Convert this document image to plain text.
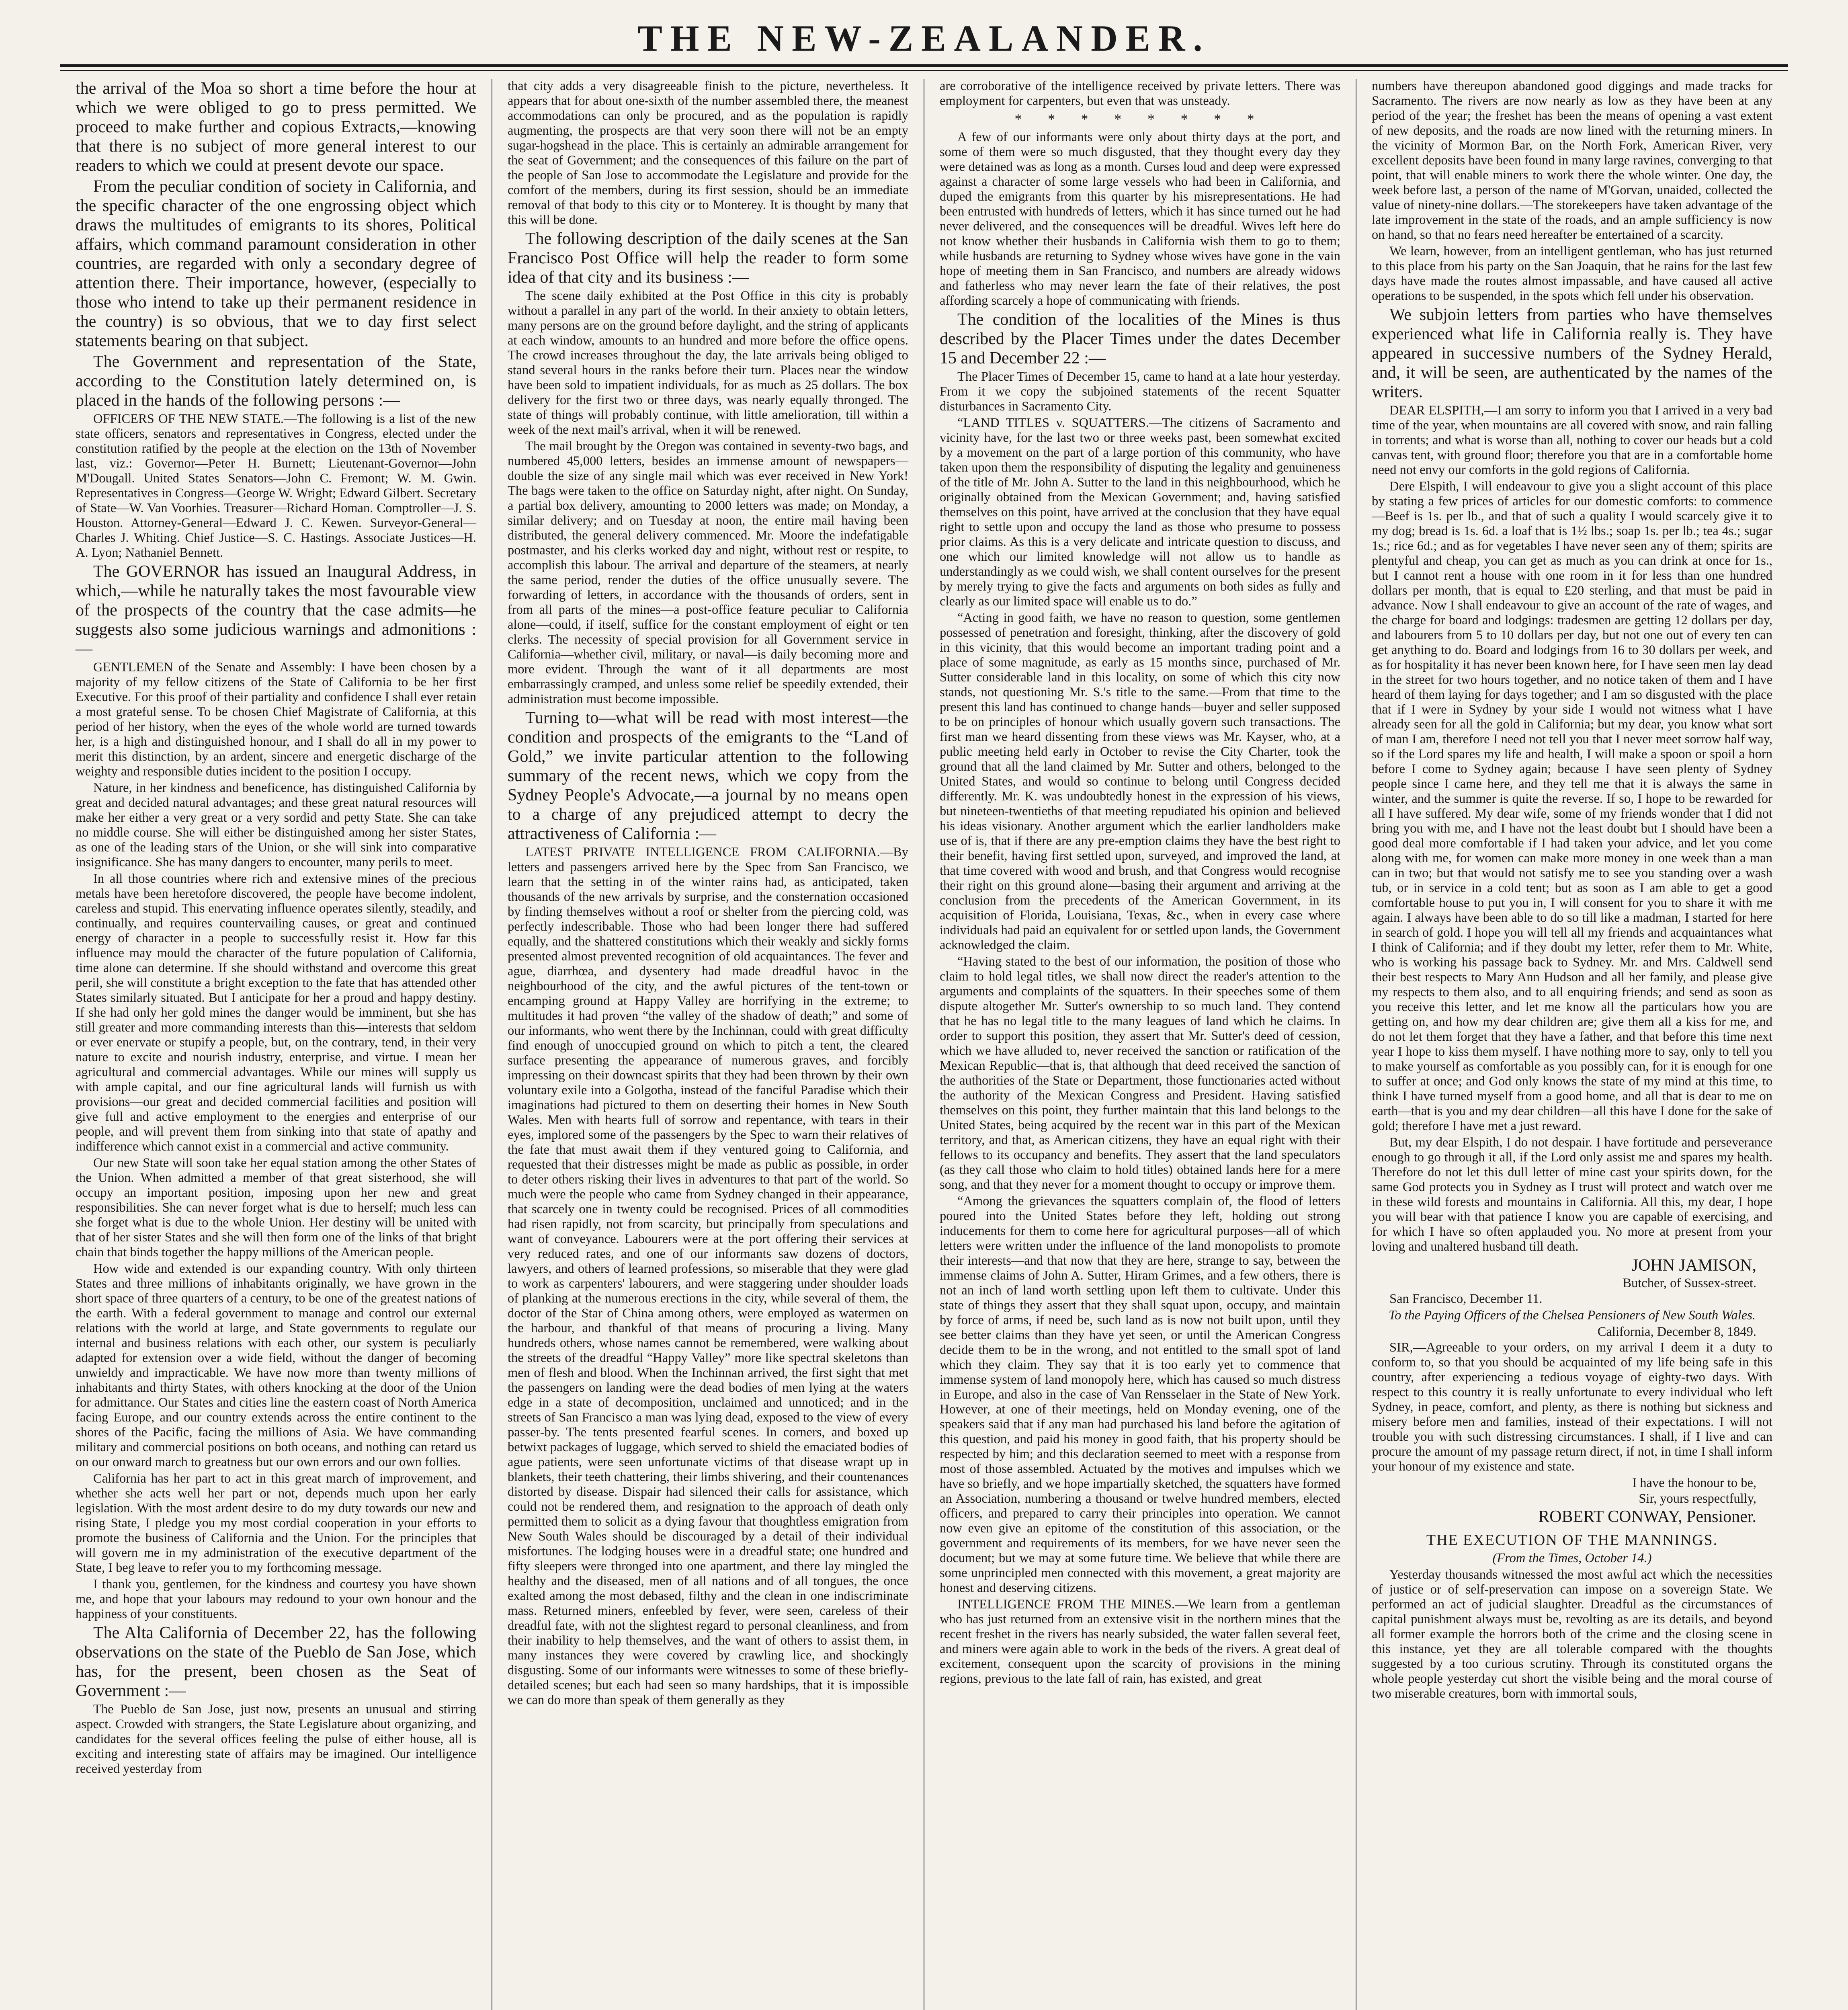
THE NEW-ZEALANDER.

the arrival of the Moa so short a time before the hour at which we were obliged to go to press permitted. We proceed to make further and copious Extracts,—knowing that there is no subject of more general interest to our readers to which we could at present devote our space.

From the peculiar condition of society in California, and the specific character of the one engrossing object which draws the multitudes of emigrants to its shores, Political affairs, which command paramount consideration in other countries, are regarded with only a secondary degree of attention there. Their importance, however, (especially to those who intend to take up their permanent residence in the country) is so obvious, that we to day first select statements bearing on that subject.

The Government and representation of the State, according to the Constitution lately determined on, is placed in the hands of the following persons :—

OFFICERS OF THE NEW STATE.—The following is a list of the new state officers, senators and representatives in Congress, elected under the constitution ratified by the people at the election on the 13th of November last, viz.: Governor—Peter H. Burnett; Lieutenant-Governor—John M'Dougall. United States Senators—John C. Fremont; W. M. Gwin. Representatives in Congress—George W. Wright; Edward Gilbert. Secretary of State—W. Van Voorhies. Treasurer—Richard Homan. Comptroller—J. S. Houston. Attorney-General—Edward J. C. Kewen. Surveyor-General—Charles J. Whiting. Chief Justice—S. C. Hastings. Associate Justices—H. A. Lyon; Nathaniel Bennett.

The GOVERNOR has issued an Inaugural Address, in which,—while he naturally takes the most favourable view of the prospects of the country that the case admits—he suggests also some judicious warnings and admonitions :—

GENTLEMEN of the Senate and Assembly: I have been chosen by a majority of my fellow citizens of the State of California to be her first Executive. For this proof of their partiality and confidence I shall ever retain a most grateful sense. To be chosen Chief Magistrate of California, at this period of her history, when the eyes of the whole world are turned towards her, is a high and distinguished honour, and I shall do all in my power to merit this distinction, by an ardent, sincere and energetic discharge of the weighty and responsible duties incident to the position I occupy.

Nature, in her kindness and beneficence, has distinguished California by great and decided natural advantages; and these great natural resources will make her either a very great or a very sordid and petty State. She can take no middle course. She will either be distinguished among her sister States, as one of the leading stars of the Union, or she will sink into comparative insignificance. She has many dangers to encounter, many perils to meet.

In all those countries where rich and extensive mines of the precious metals have been heretofore discovered, the people have become indolent, careless and stupid. This enervating influence operates silently, steadily, and continually, and requires countervailing causes, or great and continued energy of character in a people to successfully resist it. How far this influence may mould the character of the future population of California, time alone can determine. If she should withstand and overcome this great peril, she will constitute a bright exception to the fate that has attended other States similarly situated. But I anticipate for her a proud and happy destiny. If she had only her gold mines the danger would be imminent, but she has still greater and more commanding interests than this—interests that seldom or ever enervate or stupify a people, but, on the contrary, tend, in their very nature to excite and nourish industry, enterprise, and virtue. I mean her agricultural and commercial advantages. While our mines will supply us with ample capital, and our fine agricultural lands will furnish us with provisions—our great and decided commercial facilities and position will give full and active employment to the energies and enterprise of our people, and will prevent them from sinking into that state of apathy and indifference which cannot exist in a commercial and active community.

Our new State will soon take her equal station among the other States of the Union. When admitted a member of that great sisterhood, she will occupy an important position, imposing upon her new and great responsibilities. She can never forget what is due to herself; much less can she forget what is due to the whole Union. Her destiny will be united with that of her sister States and she will then form one of the links of that bright chain that binds together the happy millions of the American people.

How wide and extended is our expanding country. With only thirteen States and three millions of inhabitants originally, we have grown in the short space of three quarters of a century, to be one of the greatest nations of the earth. With a federal government to manage and control our external relations with the world at large, and State governments to regulate our internal and business relations with each other, our system is peculiarly adapted for extension over a wide field, without the danger of becoming unwieldy and impracticable. We have now more than twenty millions of inhabitants and thirty States, with others knocking at the door of the Union for admittance. Our States and cities line the eastern coast of North America facing Europe, and our country extends across the entire continent to the shores of the Pacific, facing the millions of Asia. We have commanding military and commercial positions on both oceans, and nothing can retard us on our onward march to greatness but our own errors and our own follies.

California has her part to act in this great march of improvement, and whether she acts well her part or not, depends much upon her early legislation. With the most ardent desire to do my duty towards our new and rising State, I pledge you my most cordial cooperation in your efforts to promote the business of California and the Union. For the principles that will govern me in my administration of the executive department of the State, I beg leave to refer you to my forthcoming message.

I thank you, gentlemen, for the kindness and courtesy you have shown me, and hope that your labours may redound to your own honour and the happiness of your constituents.

The Alta California of December 22, has the following observations on the state of the Pueblo de San Jose, which has, for the present, been chosen as the Seat of Government :—

The Pueblo de San Jose, just now, presents an unusual and stirring aspect. Crowded with strangers, the State Legislature about organizing, and candidates for the several offices feeling the pulse of either house, all is exciting and interesting state of affairs may be imagined. Our intelligence received yesterday from

that city adds a very disagreeable finish to the picture, nevertheless. It appears that for about one-sixth of the number assembled there, the meanest accommodations can only be procured, and as the population is rapidly augmenting, the prospects are that very soon there will not be an empty sugar-hogshead in the place. This is certainly an admirable arrangement for the seat of Government; and the consequences of this failure on the part of the people of San Jose to accommodate the Legislature and provide for the comfort of the members, during its first session, should be an immediate removal of that body to this city or to Monterey. It is thought by many that this will be done.

The following description of the daily scenes at the San Francisco Post Office will help the reader to form some idea of that city and its business :—

The scene daily exhibited at the Post Office in this city is probably without a parallel in any part of the world. In their anxiety to obtain letters, many persons are on the ground before daylight, and the string of applicants at each window, amounts to an hundred and more before the office opens. The crowd increases throughout the day, the late arrivals being obliged to stand several hours in the ranks before their turn. Places near the window have been sold to impatient individuals, for as much as 25 dollars. The box delivery for the first two or three days, was nearly equally thronged. The state of things will probably continue, with little amelioration, till within a week of the next mail's arrival, when it will be renewed.

The mail brought by the Oregon was contained in seventy-two bags, and numbered 45,000 letters, besides an immense amount of newspapers—double the size of any single mail which was ever received in New York! The bags were taken to the office on Saturday night, after night. On Sunday, a partial box delivery, amounting to 2000 letters was made; on Monday, a similar delivery; and on Tuesday at noon, the entire mail having been distributed, the general delivery commenced. Mr. Moore the indefatigable postmaster, and his clerks worked day and night, without rest or respite, to accomplish this labour. The arrival and departure of the steamers, at nearly the same period, render the duties of the office unusually severe. The forwarding of letters, in accordance with the thousands of orders, sent in from all parts of the mines—a post-office feature peculiar to California alone—could, if itself, suffice for the constant employment of eight or ten clerks. The necessity of special provision for all Government service in California—whether civil, military, or naval—is daily becoming more and more evident. Through the want of it all departments are most embarrassingly cramped, and unless some relief be speedily extended, their administration must become impossible.

Turning to—what will be read with most interest—the condition and prospects of the emigrants to the “Land of Gold,” we invite particular attention to the following summary of the recent news, which we copy from the Sydney People's Advocate,—a journal by no means open to a charge of any prejudiced attempt to decry the attractiveness of California :—

LATEST PRIVATE INTELLIGENCE FROM CALIFORNIA.—By letters and passengers arrived here by the Spec from San Francisco, we learn that the setting in of the winter rains had, as anticipated, taken thousands of the new arrivals by surprise, and the consternation occasioned by finding themselves without a roof or shelter from the piercing cold, was perfectly indescribable. Those who had been longer there had suffered equally, and the shattered constitutions which their weakly and sickly forms presented almost prevented recognition of old acquaintances. The fever and ague, diarrhœa, and dysentery had made dreadful havoc in the neighbourhood of the city, and the awful pictures of the tent-town or encamping ground at Happy Valley are horrifying in the extreme; to multitudes it had proven “the valley of the shadow of death;” and some of our informants, who went there by the Inchinnan, could with great difficulty find enough of unoccupied ground on which to pitch a tent, the cleared surface presenting the appearance of numerous graves, and forcibly impressing on their downcast spirits that they had been thrown by their own voluntary exile into a Golgotha, instead of the fanciful Paradise which their imaginations had pictured to them on deserting their homes in New South Wales. Men with hearts full of sorrow and repentance, with tears in their eyes, implored some of the passengers by the Spec to warn their relatives of the fate that must await them if they ventured going to California, and requested that their distresses might be made as public as possible, in order to deter others risking their lives in adventures to that part of the world. So much were the people who came from Sydney changed in their appearance, that scarcely one in twenty could be recognised. Prices of all commodities had risen rapidly, not from scarcity, but principally from speculations and want of conveyance. Labourers were at the port offering their services at very reduced rates, and one of our informants saw dozens of doctors, lawyers, and others of learned professions, so miserable that they were glad to work as carpenters' labourers, and were staggering under shoulder loads of planking at the numerous erections in the city, while several of them, the doctor of the Star of China among others, were employed as watermen on the harbour, and thankful of that means of procuring a living. Many hundreds others, whose names cannot be remembered, were walking about the streets of the dreadful “Happy Valley” more like spectral skeletons than men of flesh and blood. When the Inchinnan arrived, the first sight that met the passengers on landing were the dead bodies of men lying at the waters edge in a state of decomposition, unclaimed and unnoticed; and in the streets of San Francisco a man was lying dead, exposed to the view of every passer-by. The tents presented fearful scenes. In corners, and boxed up betwixt packages of luggage, which served to shield the emaciated bodies of ague patients, were seen unfortunate victims of that disease wrapt up in blankets, their teeth chattering, their limbs shivering, and their countenances distorted by disease. Dispair had silenced their calls for assistance, which could not be rendered them, and resignation to the approach of death only permitted them to solicit as a dying favour that thoughtless emigration from New South Wales should be discouraged by a detail of their individual misfortunes. The lodging houses were in a dreadful state; one hundred and fifty sleepers were thronged into one apartment, and there lay mingled the healthy and the diseased, men of all nations and of all tongues, the once exalted among the most debased, filthy and the clean in one indiscriminate mass. Returned miners, enfeebled by fever, were seen, careless of their dreadful fate, with not the slightest regard to personal cleanliness, and from their inability to help themselves, and the want of others to assist them, in many instances they were covered by crawling lice, and shockingly disgusting. Some of our informants were witnesses to some of these briefly-detailed scenes; but each had seen so many hardships, that it is impossible we can do more than speak of them generally as they

are corroborative of the intelligence received by private letters. There was employment for carpenters, but even that was unsteady.

* * * * * * * *

A few of our informants were only about thirty days at the port, and some of them were so much disgusted, that they thought every day they were detained was as long as a month. Curses loud and deep were expressed against a character of some large vessels who had been in California, and duped the emigrants from this quarter by his misrepresentations. He had been entrusted with hundreds of letters, which it has since turned out he had never delivered, and the consequences will be dreadful. Wives left here do not know whether their husbands in California wish them to go to them; while husbands are returning to Sydney whose wives have gone in the vain hope of meeting them in San Francisco, and numbers are already widows and fatherless who may never learn the fate of their relatives, the post affording scarcely a hope of communicating with friends.

The condition of the localities of the Mines is thus described by the Placer Times under the dates December 15 and December 22 :—

The Placer Times of December 15, came to hand at a late hour yesterday. From it we copy the subjoined statements of the recent Squatter disturbances in Sacramento City.

“LAND TITLES v. SQUATTERS.—The citizens of Sacramento and vicinity have, for the last two or three weeks past, been somewhat excited by a movement on the part of a large portion of this community, who have taken upon them the responsibility of disputing the legality and genuineness of the title of Mr. John A. Sutter to the land in this neighbourhood, which he originally obtained from the Mexican Government; and, having satisfied themselves on this point, have arrived at the conclusion that they have equal right to settle upon and occupy the land as those who presume to possess prior claims. As this is a very delicate and intricate question to discuss, and one which our limited knowledge will not allow us to handle as understandingly as we could wish, we shall content ourselves for the present by merely trying to give the facts and arguments on both sides as fully and clearly as our limited space will enable us to do.”

“Acting in good faith, we have no reason to question, some gentlemen possessed of penetration and foresight, thinking, after the discovery of gold in this vicinity, that this would become an important trading point and a place of some magnitude, as early as 15 months since, purchased of Mr. Sutter considerable land in this locality, on some of which this city now stands, not questioning Mr. S.'s title to the same.—From that time to the present this land has continued to change hands—buyer and seller supposed to be on principles of honour which usually govern such transactions. The first man we heard dissenting from these views was Mr. Kayser, who, at a public meeting held early in October to revise the City Charter, took the ground that all the land claimed by Mr. Sutter and others, belonged to the United States, and would so continue to belong until Congress decided differently. Mr. K. was undoubtedly honest in the expression of his views, but nineteen-twentieths of that meeting repudiated his opinion and believed his ideas visionary. Another argument which the earlier landholders make use of is, that if there are any pre-emption claims they have the best right to their benefit, having first settled upon, surveyed, and improved the land, at that time covered with wood and brush, and that Congress would recognise their right on this ground alone—basing their argument and arriving at the conclusion from the precedents of the American Government, in its acquisition of Florida, Louisiana, Texas, &c., when in every case where individuals had paid an equivalent for or settled upon lands, the Government acknowledged the claim.

“Having stated to the best of our information, the position of those who claim to hold legal titles, we shall now direct the reader's attention to the arguments and complaints of the squatters. In their speeches some of them dispute altogether Mr. Sutter's ownership to so much land. They contend that he has no legal title to the many leagues of land which he claims. In order to support this position, they assert that Mr. Sutter's deed of cession, which we have alluded to, never received the sanction or ratification of the Mexican Republic—that is, that although that deed received the sanction of the authorities of the State or Department, those functionaries acted without the authority of the Mexican Congress and President. Having satisfied themselves on this point, they further maintain that this land belongs to the United States, being acquired by the recent war in this part of the Mexican territory, and that, as American citizens, they have an equal right with their fellows to its occupancy and benefits. They assert that the land speculators (as they call those who claim to hold titles) obtained lands here for a mere song, and that they never for a moment thought to occupy or improve them.

“Among the grievances the squatters complain of, the flood of letters poured into the United States before they left, holding out strong inducements for them to come here for agricultural purposes—all of which letters were written under the influence of the land monopolists to promote their interests—and that now that they are here, strange to say, between the immense claims of John A. Sutter, Hiram Grimes, and a few others, there is not an inch of land worth settling upon left them to cultivate. Under this state of things they assert that they shall squat upon, occupy, and maintain by force of arms, if need be, such land as is now not built upon, until they see better claims than they have yet seen, or until the American Congress decide them to be in the wrong, and not entitled to the small spot of land which they claim. They say that it is too early yet to commence that immense system of land monopoly here, which has caused so much distress in Europe, and also in the case of Van Rensselaer in the State of New York. However, at one of their meetings, held on Monday evening, one of the speakers said that if any man had purchased his land before the agitation of this question, and paid his money in good faith, that his property should be respected by him; and this declaration seemed to meet with a response from most of those assembled. Actuated by the motives and impulses which we have so briefly, and we hope impartially sketched, the squatters have formed an Association, numbering a thousand or twelve hundred members, elected officers, and prepared to carry their principles into operation. We cannot now even give an epitome of the constitution of this association, or the government and requirements of its members, for we have never seen the document; but we may at some future time. We believe that while there are some unprincipled men connected with this movement, a great majority are honest and deserving citizens.

INTELLIGENCE FROM THE MINES.—We learn from a gentleman who has just returned from an extensive visit in the northern mines that the recent freshet in the rivers has nearly subsided, the water fallen several feet, and miners were again able to work in the beds of the rivers. A great deal of excitement, consequent upon the scarcity of provisions in the mining regions, previous to the late fall of rain, has existed, and great

numbers have thereupon abandoned good diggings and made tracks for Sacramento. The rivers are now nearly as low as they have been at any period of the year; the freshet has been the means of opening a vast extent of new deposits, and the roads are now lined with the returning miners. In the vicinity of Mormon Bar, on the North Fork, American River, very excellent deposits have been found in many large ravines, converging to that point, that will enable miners to work there the whole winter. One day, the week before last, a person of the name of M'Gorvan, unaided, collected the value of ninety-nine dollars.—The storekeepers have taken advantage of the late improvement in the state of the roads, and an ample sufficiency is now on hand, so that no fears need hereafter be entertained of a scarcity.

We learn, however, from an intelligent gentleman, who has just returned to this place from his party on the San Joaquin, that he rains for the last few days have made the routes almost impassable, and have caused all active operations to be suspended, in the spots which fell under his observation.

We subjoin letters from parties who have themselves experienced what life in California really is. They have appeared in successive numbers of the Sydney Herald, and, it will be seen, are authenticated by the names of the writers.

DEAR ELSPITH,—I am sorry to inform you that I arrived in a very bad time of the year, when mountains are all covered with snow, and rain falling in torrents; and what is worse than all, nothing to cover our heads but a cold canvas tent, with ground floor; therefore you that are in a comfortable home need not envy our comforts in the gold regions of California.

Dere Elspith, I will endeavour to give you a slight account of this place by stating a few prices of articles for our domestic comforts: to commence—Beef is 1s. per lb., and that of such a quality I would scarcely give it to my dog; bread is 1s. 6d. a loaf that is 1½ lbs.; soap 1s. per lb.; tea 4s.; sugar 1s.; rice 6d.; and as for vegetables I have never seen any of them; spirits are plentyful and cheap, you can get as much as you can drink at once for 1s., but I cannot rent a house with one room in it for less than one hundred dollars per month, that is equal to £20 sterling, and that must be paid in advance. Now I shall endeavour to give an account of the rate of wages, and the charge for board and lodgings: tradesmen are getting 12 dollars per day, and labourers from 5 to 10 dollars per day, but not one out of every ten can get anything to do. Board and lodgings from 16 to 30 dollars per week, and as for hospitality it has never been known here, for I have seen men lay dead in the street for two hours together, and no notice taken of them and I have heard of them laying for days together; and I am so disgusted with the place that if I were in Sydney by your side I would not witness what I have already seen for all the gold in California; but my dear, you know what sort of man I am, therefore I need not tell you that I never meet sorrow half way, so if the Lord spares my life and health, I will make a spoon or spoil a horn before I come to Sydney again; because I have seen plenty of Sydney people since I came here, and they tell me that it is always the same in winter, and the summer is quite the reverse. If so, I hope to be rewarded for all I have suffered. My dear wife, some of my friends wonder that I did not bring you with me, and I have not the least doubt but I should have been a good deal more comfortable if I had taken your advice, and let you come along with me, for women can make more money in one week than a man can in two; but that would not satisfy me to see you standing over a wash tub, or in service in a cold tent; but as soon as I am able to get a good comfortable house to put you in, I will consent for you to share it with me again. I always have been able to do so till like a madman, I started for here in search of gold. I hope you will tell all my friends and acquaintances what I think of California; and if they doubt my letter, refer them to Mr. White, who is working his passage back to Sydney. Mr. and Mrs. Caldwell send their best respects to Mary Ann Hudson and all her family, and please give my respects to them also, and to all enquiring friends; and send as soon as you receive this letter, and let me know all the particulars how you are getting on, and how my dear children are; give them all a kiss for me, and do not let them forget that they have a father, and that before this time next year I hope to kiss them myself. I have nothing more to say, only to tell you to make yourself as comfortable as you possibly can, for it is enough for one to suffer at once; and God only knows the state of my mind at this time, to think I have turned myself from a good home, and all that is dear to me on earth—that is you and my dear children—all this have I done for the sake of gold; therefore I have met a just reward.

But, my dear Elspith, I do not despair. I have fortitude and perseverance enough to go through it all, if the Lord only assist me and spares my health. Therefore do not let this dull letter of mine cast your spirits down, for the same God protects you in Sydney as I trust will protect and watch over me in these wild forests and mountains in California. All this, my dear, I hope you will bear with that patience I know you are capable of exercising, and for which I have so often applauded you. No more at present from your loving and unaltered husband till death.

JOHN JAMISON,

Butcher, of Sussex-street.

San Francisco, December 11.

To the Paying Officers of the Chelsea Pensioners of New South Wales.

California, December 8, 1849.

SIR,—Agreeable to your orders, on my arrival I deem it a duty to conform to, so that you should be acquainted of my life being safe in this country, after experiencing a tedious voyage of eighty-two days. With respect to this country it is really unfortunate to every individual who left Sydney, in peace, comfort, and plenty, as there is nothing but sickness and misery before men and families, instead of their expectations. I will not trouble you with such distressing circumstances. I shall, if I live and can procure the amount of my passage return direct, if not, in time I shall inform your honour of my existence and state.

I have the honour to be,

Sir, yours respectfully,

ROBERT CONWAY, Pensioner.

THE EXECUTION OF THE MANNINGS.

(From the Times, October 14.)

Yesterday thousands witnessed the most awful act which the necessities of justice or of self-preservation can impose on a sovereign State. We performed an act of judicial slaughter. Dreadful as the circumstances of capital punishment always must be, revolting as are its details, and beyond all former example the horrors both of the crime and the closing scene in this instance, yet they are all tolerable compared with the thoughts suggested by a too curious scrutiny. Through its constituted organs the whole people yesterday cut short the visible being and the moral course of two miserable creatures, born with immortal souls,
